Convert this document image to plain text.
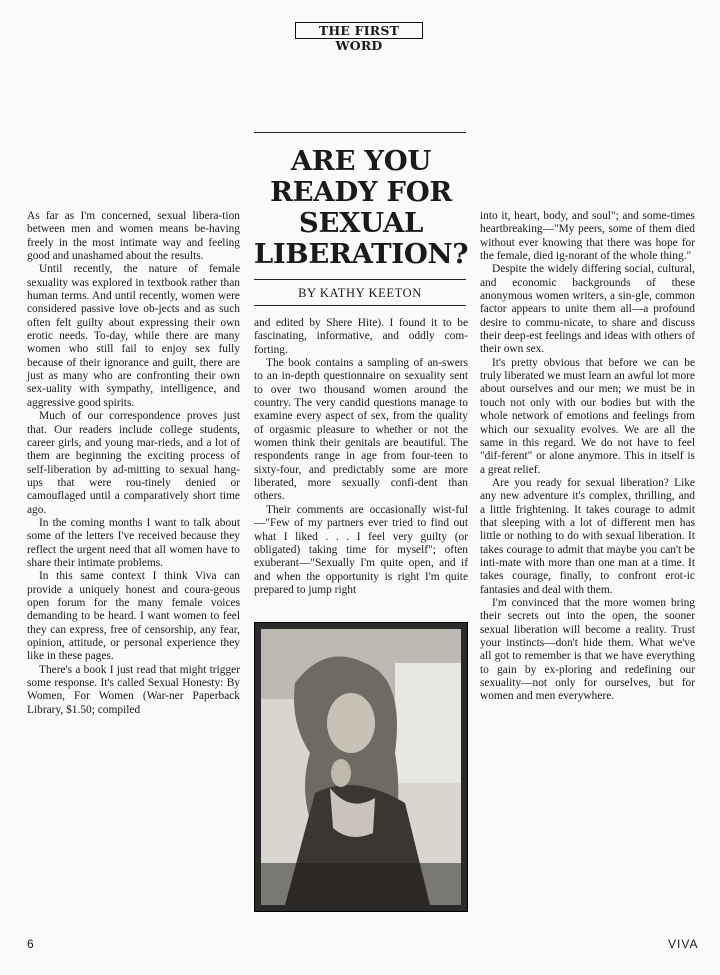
THE FIRST WORD
ARE YOU
READY FOR
SEXUAL
LIBERATION?
BY KATHY KEETON

As far as I'm concerned, sexual libera-tion between men and women means be-having freely in the most intimate way and feeling good and unashamed about the results.

Until recently, the nature of female sexuality was explored in textbook rather than human terms. And until recently, women were considered passive love ob-jects and as such often felt guilty about expressing their own erotic needs. To-day, while there are many women who still fail to enjoy sex fully because of their ignorance and guilt, there are just as many who are confronting their own sex-uality with sympathy, intelligence, and aggressive good spirits.

Much of our correspondence proves just that. Our readers include college students, career girls, and young mar-rieds, and a lot of them are beginning the exciting process of self-liberation by ad-mitting to sexual hang-ups that were rou-tinely denied or camouflaged until a comparatively short time ago.

In the coming months I want to talk about some of the letters I've received because they reflect the urgent need that all women have to share their intimate problems.

In this same context I think Viva can provide a uniquely honest and coura-geous open forum for the many female voices demanding to be heard. I want women to feel they can express, free of censorship, any fear, opinion, attitude, or personal experience they like in these pages.

There's a book I just read that might trigger some response. It's called Sexual Honesty: By Women, For Women (War-ner Paperback Library, $1.50; compiled

and edited by Shere Hite). I found it to be fascinating, informative, and oddly com-forting.

The book contains a sampling of an-swers to an in-depth questionnaire on sexuality sent to over two thousand women around the country. The very candid questions manage to examine every aspect of sex, from the quality of orgasmic pleasure to whether or not the women think their genitals are beautiful. The respondents range in age from four-teen to sixty-four, and predictably some are more liberated, more sexually confi-dent than others.

Their comments are occasionally wist-ful—"Few of my partners ever tried to find out what I liked . . . I feel very guilty (or obligated) taking time for myself"; often exuberant—"Sexually I'm quite open, and if and when the opportunity is right I'm quite prepared to jump right

into it, heart, body, and soul"; and some-times heartbreaking—"My peers, some of them died without ever knowing that there was hope for the female, died ig-norant of the whole thing."

Despite the widely differing social, cultural, and economic backgrounds of these anonymous women writers, a sin-gle, common factor appears to unite them all—a profound desire to commu-nicate, to share and discuss their deep-est feelings and ideas with others of their own sex.

It's pretty obvious that before we can be truly liberated we must learn an awful lot more about ourselves and our men; we must be in touch not only with our bodies but with the whole network of emotions and feelings from which our sexuality evolves. We are all the same in this regard. We do not have to feel "dif-ferent" or alone anymore. This in itself is a great relief.

Are you ready for sexual liberation? Like any new adventure it's complex, thrilling, and a little frightening. It takes courage to admit that sleeping with a lot of different men has little or nothing to do with sexual liberation. It takes courage to admit that maybe you can't be inti-mate with more than one man at a time. It takes courage, finally, to confront erot-ic fantasies and deal with them.

I'm convinced that the more women bring their secrets out into the open, the sooner sexual liberation will become a reality. Trust your instincts—don't hide them. What we've all got to remember is that we have everything to gain by ex-ploring and redefining our sexuality—not only for ourselves, but for women and men everywhere.

6	VIVA
